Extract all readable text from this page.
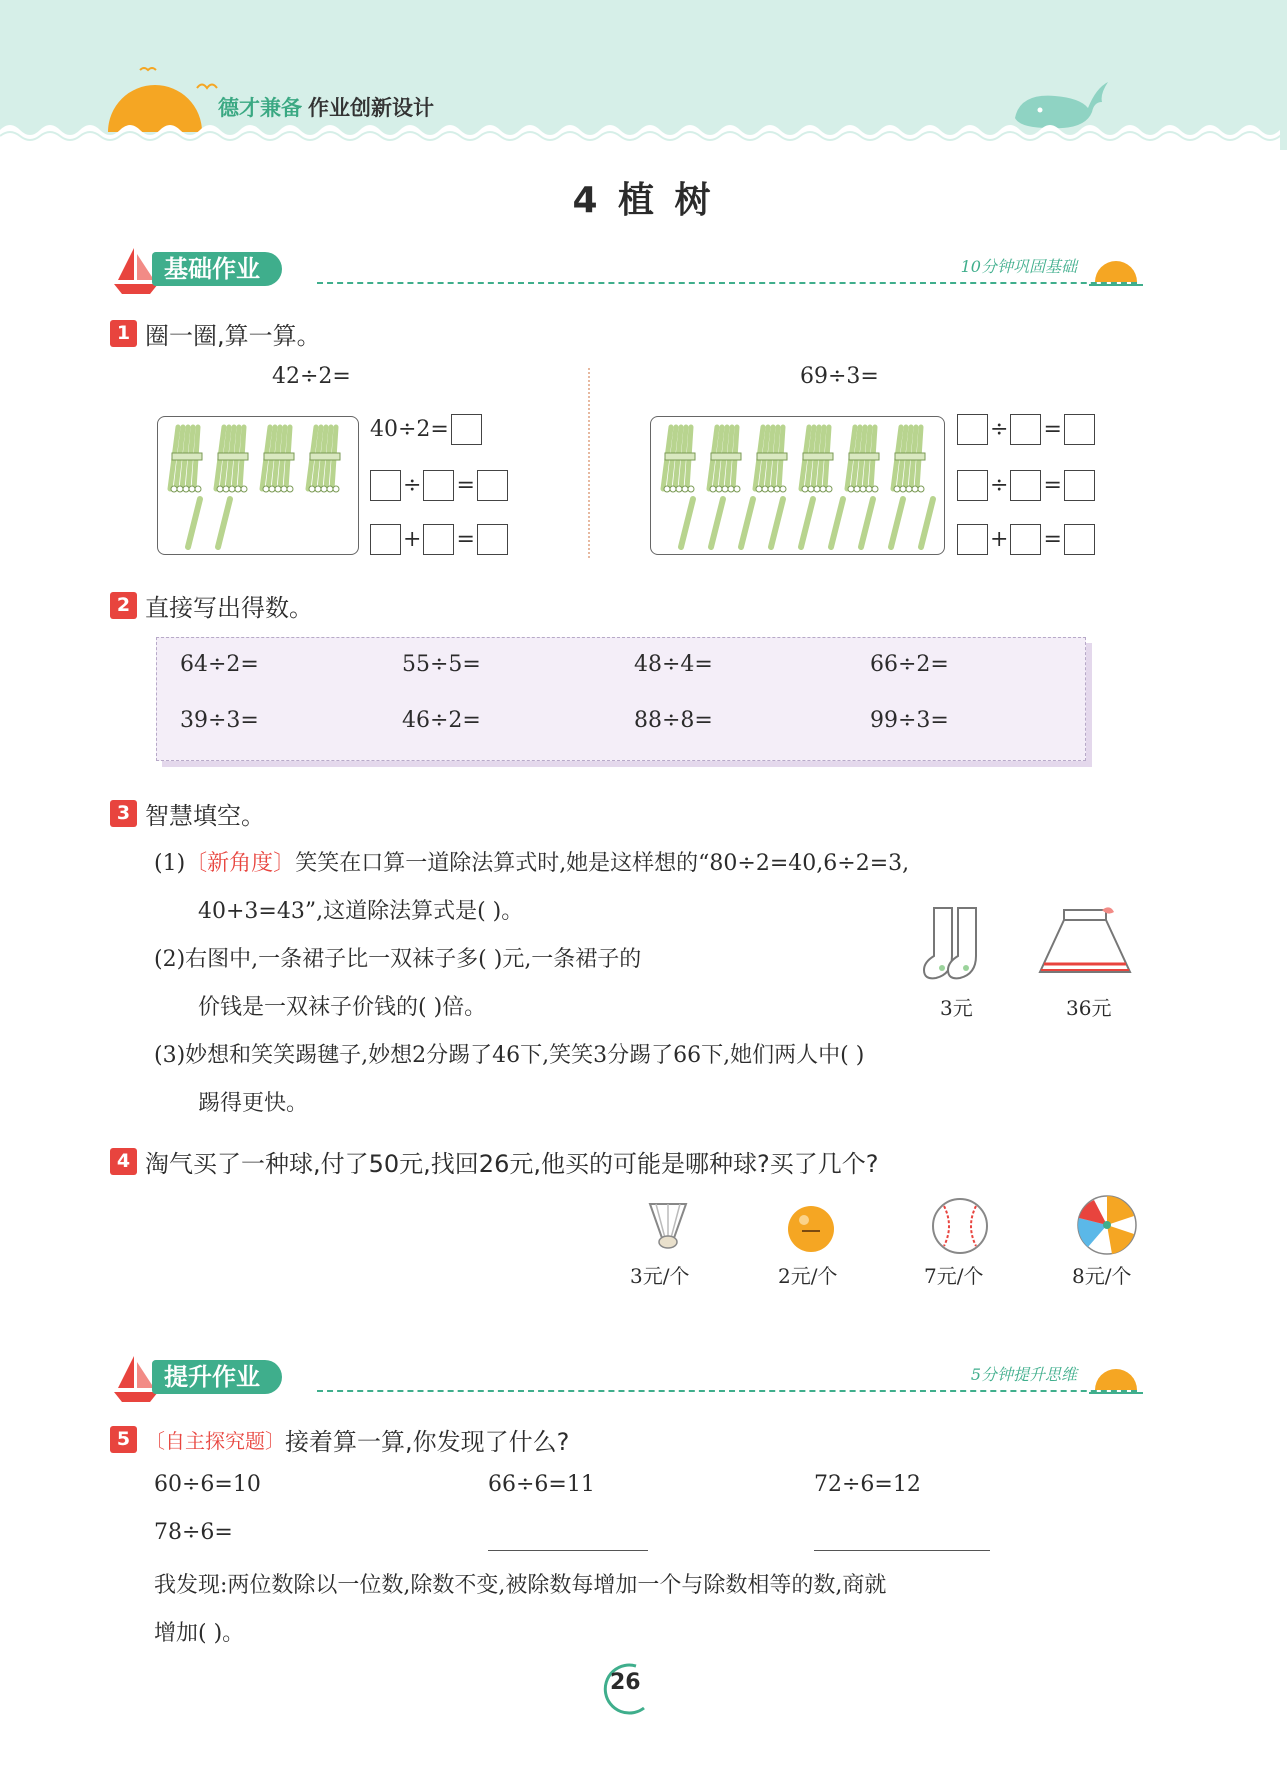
德才兼备 作业创新设计
4 植 树
基础作业	10分钟巩固基础
1 圈一圈,算一算。
42÷2=	69÷3=
40÷2=
÷ =
+ =
÷ =
÷ =
+ =
2 直接写出得数。
64÷2=	55÷5=	48÷4=	66÷2=
39÷3=	46÷2=	88÷8=	99÷3=
3 智慧填空。
(1)〔新角度〕笑笑在口算一道除法算式时,她是这样想的“80÷2=40,6÷2=3,
40+3=43”,这道除法算式是( )。
(2)右图中,一条裙子比一双袜子多( )元,一条裙子的
价钱是一双袜子价钱的( )倍。	3元	36元
(3)妙想和笑笑踢毽子,妙想2分踢了46下,笑笑3分踢了66下,她们两人中( )
踢得更快。
4 淘气买了一种球,付了50元,找回26元,他买的可能是哪种球?买了几个?
3元/个	2元/个	7元/个	8元/个
提升作业	5分钟提升思维
5 〔自主探究题〕接着算一算,你发现了什么?
60÷6=10	66÷6=11	72÷6=12
78÷6=
我发现:两位数除以一位数,除数不变,被除数每增加一个与除数相等的数,商就
增加( )。
26
